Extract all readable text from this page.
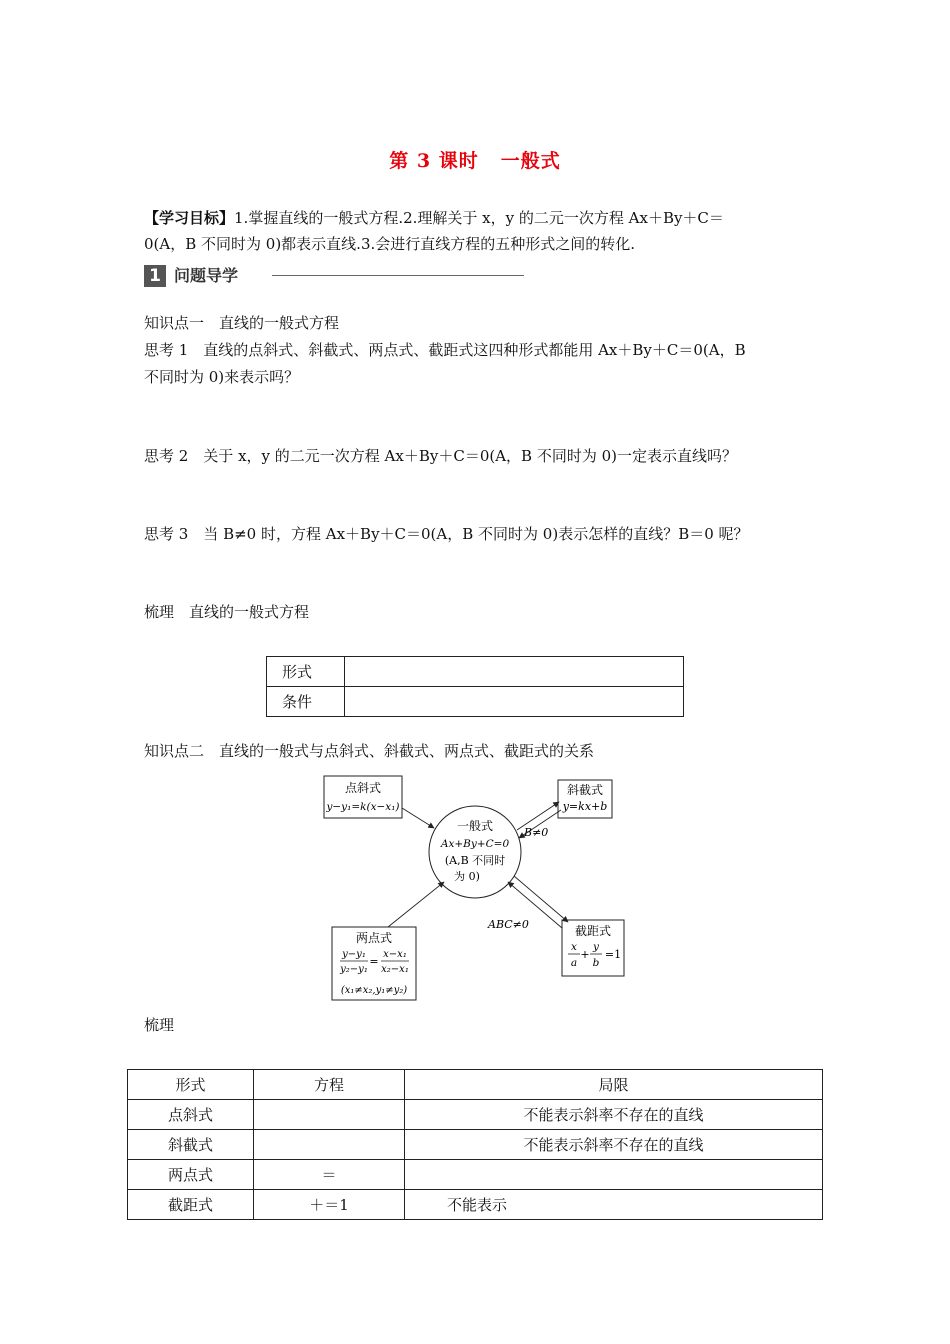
第 3 课时 一般式
【学习目标】1.掌握直线的一般式方程.2.理解关于 x，y 的二元一次方程 Ax＋By＋C＝
0(A，B 不同时为 0)都表示直线.3.会进行直线方程的五种形式之间的转化.
1 问题导学
知识点一　直线的一般式方程
思考 1　直线的点斜式、斜截式、两点式、截距式这四种形式都能用 Ax＋By＋C＝0(A，B
不同时为 0)来表示吗？
思考 2　关于 x，y 的二元一次方程 Ax＋By＋C＝0(A，B 不同时为 0)一定表示直线吗？
思考 3　当 B≠0 时，方程 Ax＋By＋C＝0(A，B 不同时为 0)表示怎样的直线？B＝0 呢？
梳理　直线的一般式方程
形式	
条件	
知识点二　直线的一般式与点斜式、斜截式、两点式、截距式的关系
点斜式
y−y₁=k(x−x₁)
斜截式
y=kx+b
一般式
Ax+By+C=0
(A,B 不同时
为 0)
两点式
y−y₁
y₂−y₁
=
x−x₁
x₂−x₁
(x₁≠x₂,y₁≠y₂)
截距式
x
a
+
y
b
=1
B≠0
ABC≠0
梳理
形式	方程	局限
点斜式		不能表示斜率不存在的直线
斜截式		不能表示斜率不存在的直线
两点式	＝	
截距式	＋＝1	不能表示
